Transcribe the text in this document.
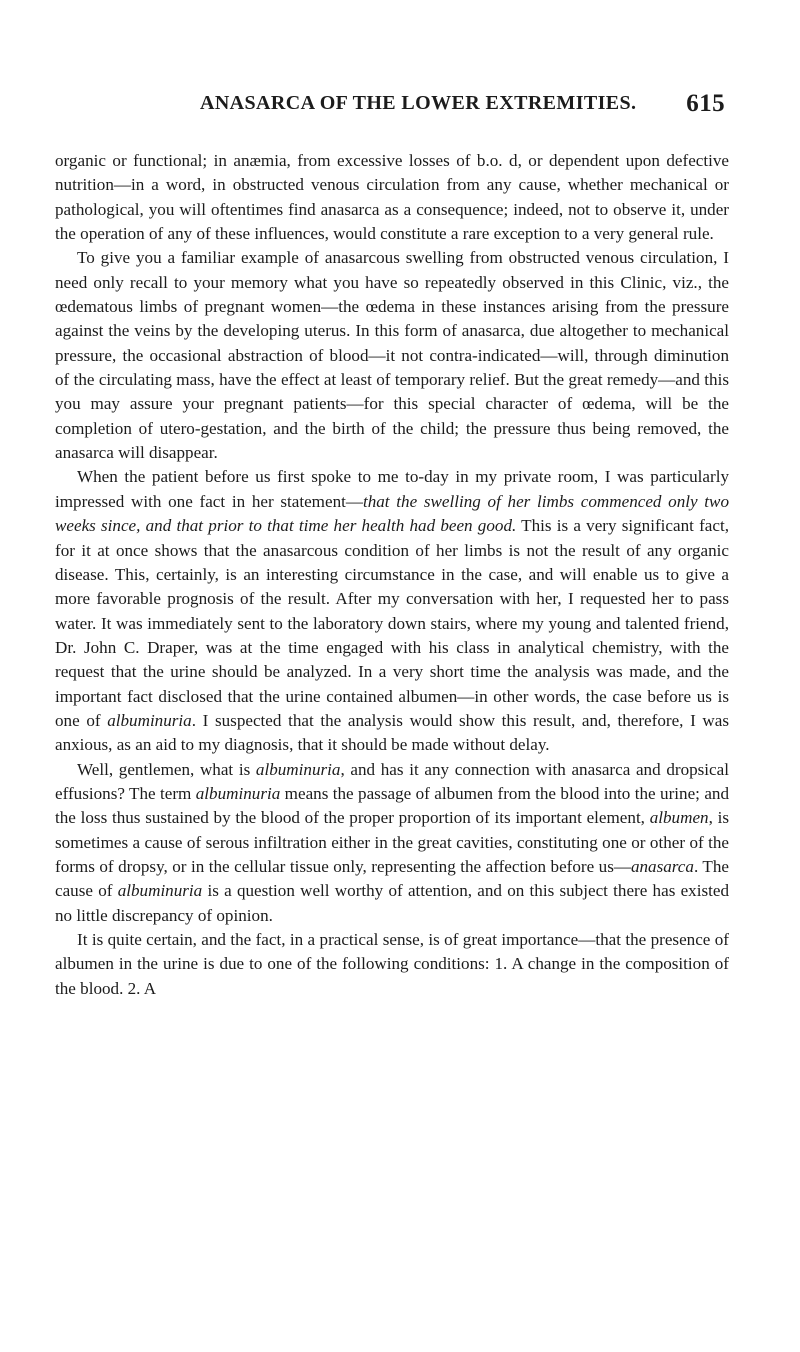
ANASARCA OF THE LOWER EXTREMITIES. 615

organic or functional; in anæmia, from excessive losses of b.o. d, or dependent upon defective nutrition—in a word, in obstructed venous circulation from any cause, whether mechanical or pathological, you will oftentimes find anasarca as a consequence; indeed, not to observe it, under the operation of any of these influences, would constitute a rare exception to a very general rule.

To give you a familiar example of anasarcous swelling from obstructed venous circulation, I need only recall to your memory what you have so repeatedly observed in this Clinic, viz., the œdematous limbs of pregnant women—the œdema in these instances arising from the pressure against the veins by the developing uterus. In this form of anasarca, due altogether to mechanical pressure, the occasional abstraction of blood—it not contra-indicated—will, through diminution of the circulating mass, have the effect at least of temporary relief. But the great remedy—and this you may assure your pregnant patients—for this special character of œdema, will be the completion of utero-gestation, and the birth of the child; the pressure thus being removed, the anasarca will disappear.

When the patient before us first spoke to me to-day in my private room, I was particularly impressed with one fact in her statement—that the swelling of her limbs commenced only two weeks since, and that prior to that time her health had been good. This is a very significant fact, for it at once shows that the anasarcous condition of her limbs is not the result of any organic disease. This, certainly, is an interesting circumstance in the case, and will enable us to give a more favorable prognosis of the result. After my conversation with her, I requested her to pass water. It was immediately sent to the laboratory down stairs, where my young and talented friend, Dr. John C. Draper, was at the time engaged with his class in analytical chemistry, with the request that the urine should be analyzed. In a very short time the analysis was made, and the important fact disclosed that the urine contained albumen—in other words, the case before us is one of albuminuria. I suspected that the analysis would show this result, and, therefore, I was anxious, as an aid to my diagnosis, that it should be made without delay.

Well, gentlemen, what is albuminuria, and has it any connection with anasarca and dropsical effusions? The term albuminuria means the passage of albumen from the blood into the urine; and the loss thus sustained by the blood of the proper proportion of its important element, albumen, is sometimes a cause of serous infiltration either in the great cavities, constituting one or other of the forms of dropsy, or in the cellular tissue only, representing the affection before us—anasarca. The cause of albuminuria is a question well worthy of attention, and on this subject there has existed no little discrepancy of opinion.

It is quite certain, and the fact, in a practical sense, is of great importance—that the presence of albumen in the urine is due to one of the following conditions: 1. A change in the composition of the blood. 2. A
